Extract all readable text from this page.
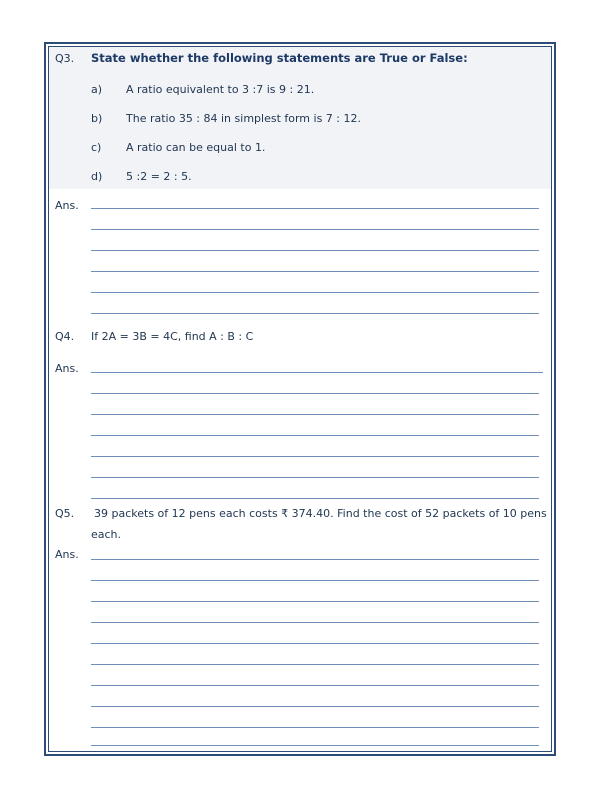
Q3. State whether the following statements are True or False:
a) A ratio equivalent to 3 :7 is 9 : 21.
b) The ratio 35 : 84 in simplest form is 7 : 12.
c) A ratio can be equal to 1.
d) 5 :2 = 2 : 5.
Ans.
Q4. If 2A = 3B = 4C, find A : B : C
Ans.
Q5. 39 packets of 12 pens each costs ₹ 374.40. Find the cost of 52 packets of 10 pens
each.
Ans.
